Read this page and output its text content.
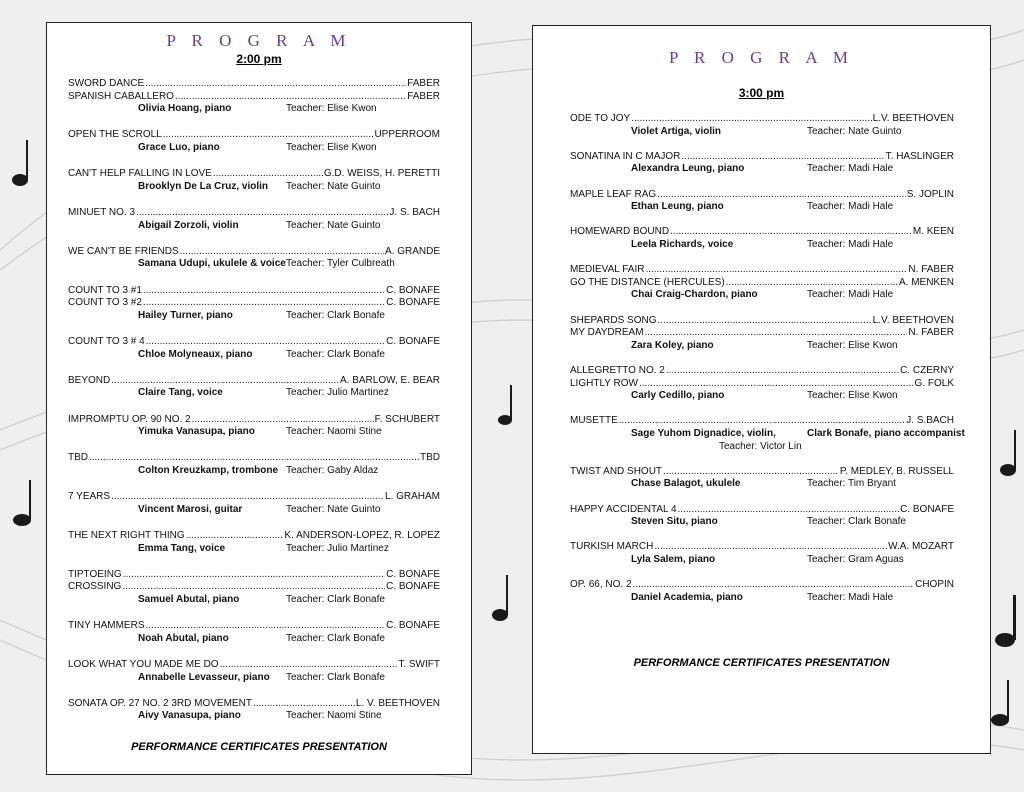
P R O G R A M
2:00 pm
SWORD DANCE .....	FABER
SPANISH CABALLERO .....	FABER
Olivia Hoang, piano	Teacher: Elise Kwon
OPEN THE SCROLL .....	UPPERROOM
Grace Luo, piano	Teacher: Elise Kwon
CAN'T HELP FALLING IN LOVE .....	G.D. WEISS, H. PERETTI
Brooklyn De La Cruz, violin	Teacher: Nate Guinto
MINUET NO. 3 .....	J. S. BACH
Abigail Zorzoli, violin	Teacher: Nate Guinto
WE CAN'T BE FRIENDS .....	A. GRANDE
Samana Udupi, ukulele & voice Teacher: Tyler Culbreath
COUNT TO 3 #1 .....	C. BONAFE
COUNT TO 3 #2 .....	C. BONAFE
Hailey Turner, piano	Teacher: Clark Bonafe
COUNT TO 3 # 4 .....	C. BONAFE
Chloe Molyneaux, piano	Teacher: Clark Bonafe
BEYOND .....	A. BARLOW, E. BEAR
Claire Tang, voice	Teacher: Julio Martinez
IMPROMPTU OP. 90 NO. 2 .....	F. SCHUBERT
Yimuka Vanasupa, piano	Teacher: Naomi Stine
TBD .....	TBD
Colton Kreuzkamp, trombone Teacher: Gaby Aldaz
7 YEARS .....	L. GRAHAM
Vincent Marosi, guitar	Teacher: Nate Guinto
THE NEXT RIGHT THING .....	K. ANDERSON-LOPEZ, R. LOPEZ
Emma Tang, voice	Teacher: Julio Martinez
TIPTOEING .....	C. BONAFE
CROSSING .....	C. BONAFE
Samuel Abutal, piano	Teacher: Clark Bonafe
TINY HAMMERS .....	C. BONAFE
Noah Abutal, piano	Teacher: Clark Bonafe
LOOK WHAT YOU MADE ME DO .....	T. SWIFT
Annabelle Levasseur, piano	Teacher: Clark Bonafe
SONATA OP. 27 NO. 2 3RD MOVEMENT .....	L. V. BEETHOVEN
Aivy Vanasupa, piano	Teacher: Naomi Stine
PERFORMANCE CERTIFICATES PRESENTATION
P R O G R A M
3:00 pm
ODE TO JOY .....	L.V. BEETHOVEN
Violet Artiga, violin	Teacher: Nate Guinto
SONATINA IN C MAJOR .....	T. HASLINGER
Alexandra Leung, piano	Teacher: Madi Hale
MAPLE LEAF RAG .....	S. JOPLIN
Ethan Leung, piano	Teacher: Madi Hale
HOMEWARD BOUND .....	M. KEEN
Leela Richards, voice	Teacher: Madi Hale
MEDIEVAL FAIR .....	N. FABER
GO THE DISTANCE (HERCULES) .....	A. MENKEN
Chai Craig-Chardon, piano	Teacher: Madi Hale
SHEPARDS SONG .....	L.V. BEETHOVEN
MY DAYDREAM .....	N. FABER
Zara Koley, piano	Teacher: Elise Kwon
ALLEGRETTO NO. 2 .....	C. CZERNY
LIGHTLY ROW .....	G. FOLK
Carly Cedillo, piano	Teacher: Elise Kwon
MUSETTE .....	J. S.BACH
Sage Yuhom Dignadice, violin,	Clark Bonafe, piano accompanist
Teacher: Victor Lin
TWIST AND SHOUT .....	P. MEDLEY, B. RUSSELL
Chase Balagot, ukulele	Teacher: Tim Bryant
HAPPY ACCIDENTAL 4 .....	C. BONAFE
Steven Situ, piano	Teacher: Clark Bonafe
TURKISH MARCH .....	W.A. MOZART
Lyla Salem, piano	Teacher: Gram Aguas
OP. 66, NO. 2 .....	CHOPIN
Daniel Academia, piano	Teacher: Madi Hale
PERFORMANCE CERTIFICATES PRESENTATION
